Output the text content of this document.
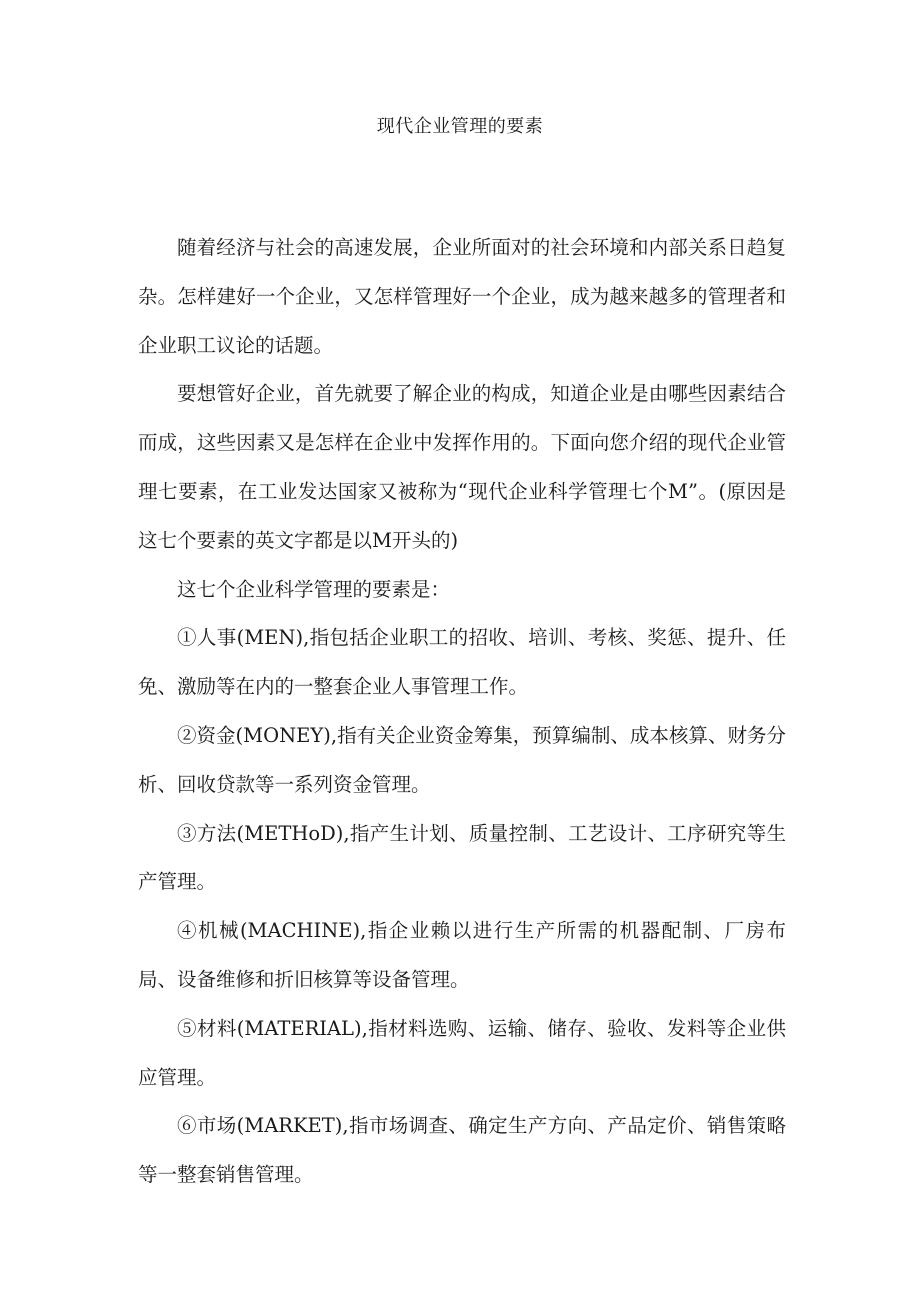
现代企业管理的要素

随着经济与社会的高速发展，企业所面对的社会环境和内部关系日趋复杂。怎样建好一个企业，又怎样管理好一个企业，成为越来越多的管理者和企业职工议论的话题。

要想管好企业，首先就要了解企业的构成，知道企业是由哪些因素结合而成，这些因素又是怎样在企业中发挥作用的。下面向您介绍的现代企业管理七要素，在工业发达国家又被称为“现代企业科学管理七个M”。(原因是这七个要素的英文字都是以M开头的)

这七个企业科学管理的要素是：

①人事(MEN),指包括企业职工的招收、培训、考核、奖惩、提升、任免、激励等在内的一整套企业人事管理工作。

②资金(MONEY),指有关企业资金筹集，预算编制、成本核算、财务分析、回收贷款等一系列资金管理。

③方法(METHoD),指产生计划、质量控制、工艺设计、工序研究等生产管理。

④机械(MACHINE),指企业赖以进行生产所需的机器配制、厂房布局、设备维修和折旧核算等设备管理。

⑤材料(MATERIAL),指材料选购、运输、储存、验收、发料等企业供应管理。

⑥市场(MARKET),指市场调查、确定生产方向、产品定价、销售策略等一整套销售管理。
